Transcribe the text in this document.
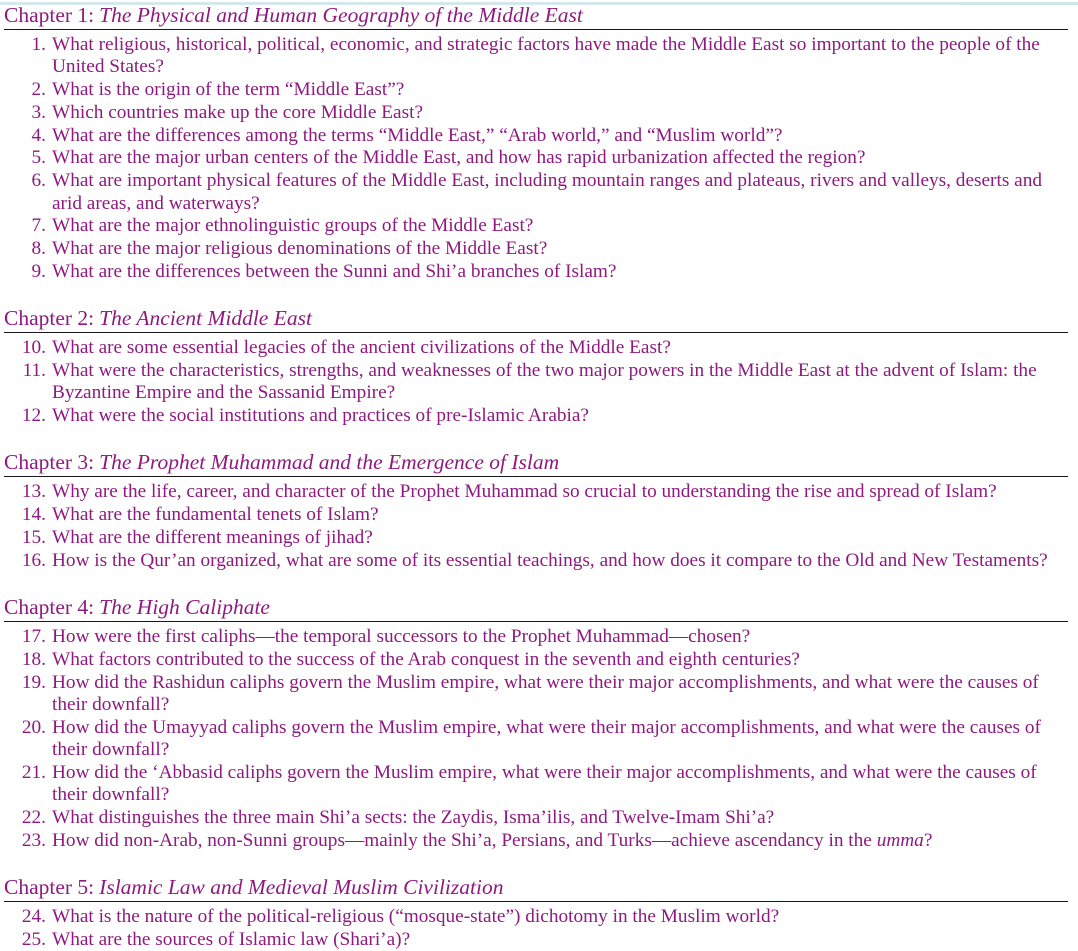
Chapter 1: The Physical and Human Geography of the Middle East
1. What religious, historical, political, economic, and strategic factors have made the Middle East so important to the people of the United States?
2. What is the origin of the term “Middle East”?
3. Which countries make up the core Middle East?
4. What are the differences among the terms “Middle East,” “Arab world,” and “Muslim world”?
5. What are the major urban centers of the Middle East, and how has rapid urbanization affected the region?
6. What are important physical features of the Middle East, including mountain ranges and plateaus, rivers and valleys, deserts and arid areas, and waterways?
7. What are the major ethnolinguistic groups of the Middle East?
8. What are the major religious denominations of the Middle East?
9. What are the differences between the Sunni and Shi’a branches of Islam?
Chapter 2: The Ancient Middle East
10. What are some essential legacies of the ancient civilizations of the Middle East?
11. What were the characteristics, strengths, and weaknesses of the two major powers in the Middle East at the advent of Islam: the Byzantine Empire and the Sassanid Empire?
12. What were the social institutions and practices of pre-Islamic Arabia?
Chapter 3: The Prophet Muhammad and the Emergence of Islam
13. Why are the life, career, and character of the Prophet Muhammad so crucial to understanding the rise and spread of Islam?
14. What are the fundamental tenets of Islam?
15. What are the different meanings of jihad?
16. How is the Qur’an organized, what are some of its essential teachings, and how does it compare to the Old and New Testaments?
Chapter 4: The High Caliphate
17. How were the first caliphs—the temporal successors to the Prophet Muhammad—chosen?
18. What factors contributed to the success of the Arab conquest in the seventh and eighth centuries?
19. How did the Rashidun caliphs govern the Muslim empire, what were their major accomplishments, and what were the causes of their downfall?
20. How did the Umayyad caliphs govern the Muslim empire, what were their major accomplishments, and what were the causes of their downfall?
21. How did the ‘Abbasid caliphs govern the Muslim empire, what were their major accomplishments, and what were the causes of their downfall?
22. What distinguishes the three main Shi’a sects: the Zaydis, Isma’ilis, and Twelve-Imam Shi’a?
23. How did non-Arab, non-Sunni groups—mainly the Shi’a, Persians, and Turks—achieve ascendancy in the umma?
Chapter 5: Islamic Law and Medieval Muslim Civilization
24. What is the nature of the political-religious (“mosque-state”) dichotomy in the Muslim world?
25. What are the sources of Islamic law (Shari’a)?
